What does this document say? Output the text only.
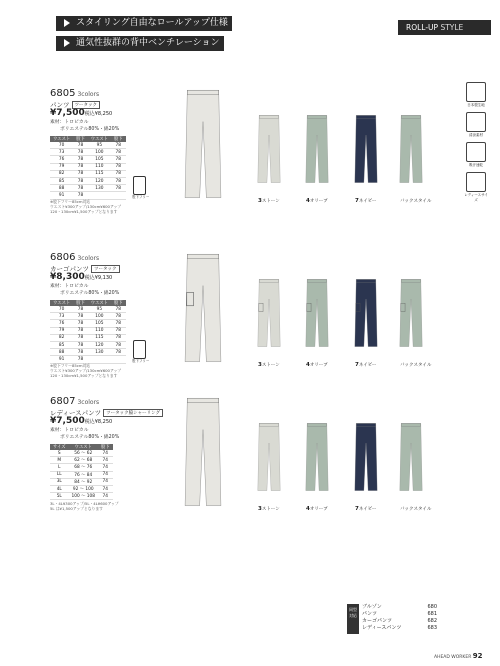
スタイリング自由なロールアップ仕様
通気性抜群の背中ベンチレーション
ROLL-UP STYLE
6805 3colors
パンツ ツータック
¥7,500税込¥8,250
素材：トロピカル
ポリエステル80%・綿20%
ウエスト	股下	ウエスト	股下
70	78	95	78
73	78	100	78
76	78	105	78
79	78	110	78
82	78	115	78
85	78	120	78
88	78	130	78
91	78		
※股下フリー85cm対応
ウエスト¥300アップ/130cm¥600アップ
120・130cm¥1,500アップとなります
股下フリー
3ストーン	4オリーブ	7ネイビー	バックスタイル
6806 3colors
カーゴパンツ ツータック
¥8,300税込¥9,130
素材：トロピカル
ポリエステル80%・綿20%
ウエスト	股下	ウエスト	股下
70	78	95	78
73	78	100	78
76	78	105	78
79	78	110	78
82	78	115	78
85	78	120	78
88	78	130	78
91	78		
※股下フリー85cm対応
ウエスト¥300アップ/130cm¥600アップ
120・130cm¥1,500アップとなります
股下フリー
3ストーン	4オリーブ	7ネイビー	バックスタイル
6807 3colors
レディースパンツ ツータック脇シャーリング
¥7,500税込¥8,250
素材：トロピカル
ポリエステル80%・綿20%
サイズ	ウエスト	股下
S	56 〜 62	74
M	62 〜 68	74
L	68 〜 76	74
LL	76 〜 84	74
3L	84 〜 92	74
4L	92 〜 100	74
5L	100 〜 108	74
3L・4L¥300アップ/5L・4L¥600アップ
5L は¥1,500アップとなります	3ストーン	4オリーブ	7ネイビー	バックスタイル
日本製生地
清涼素材
吸汗速乾
レディースサイズ
同型
対応
ブルゾン	680
パンツ	681
カーゴパンツ	682
レディースパンツ	683
AHEAD WORKER 92
